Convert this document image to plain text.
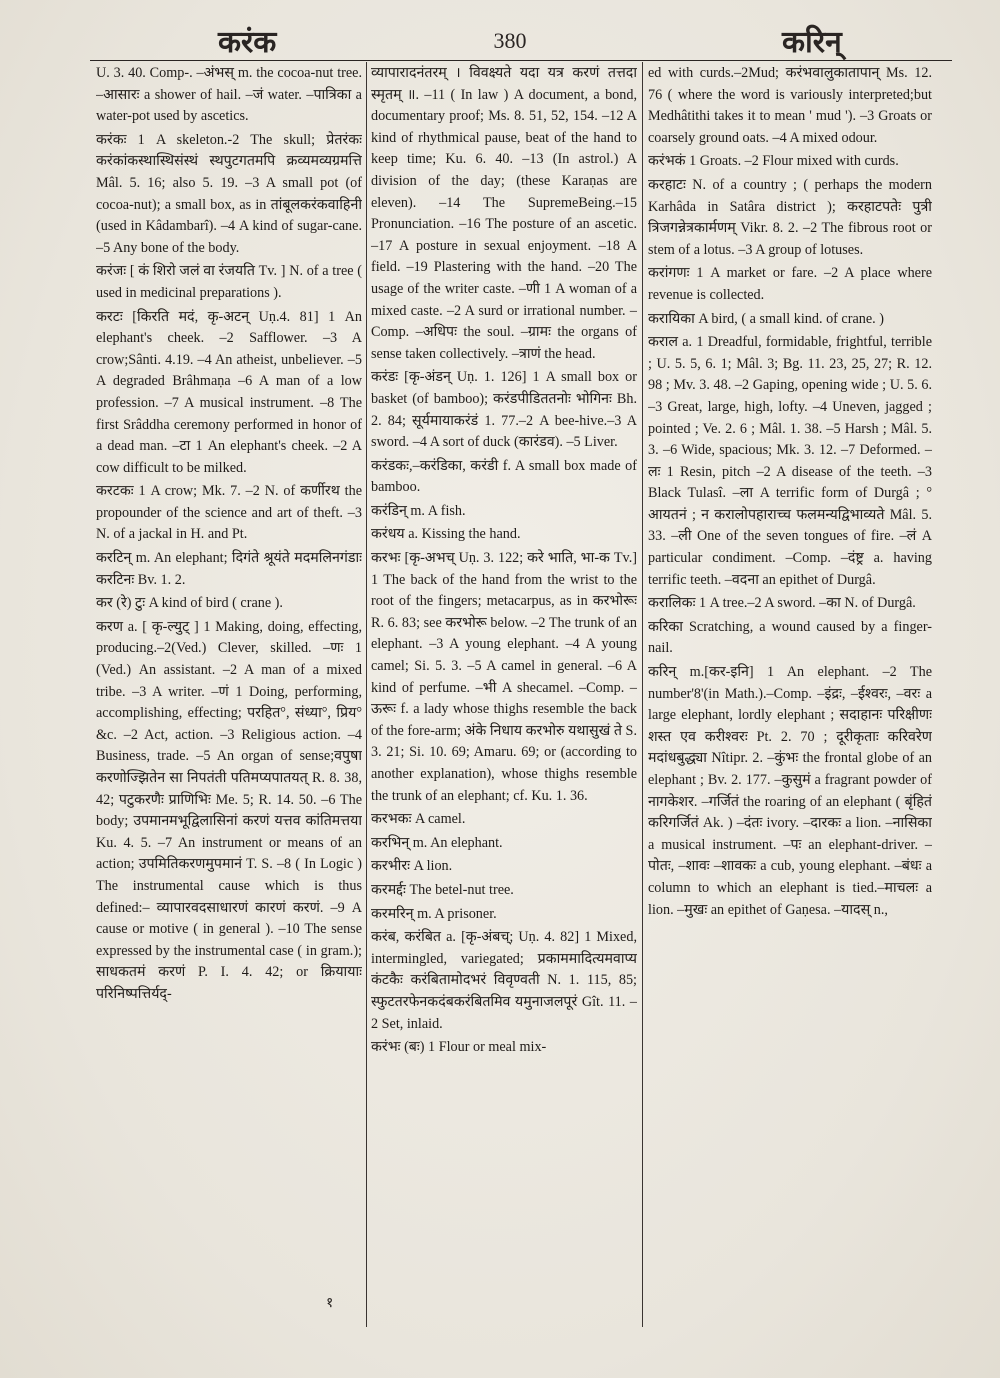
करंक	380	करिन्

U. 3. 40. Comp-. –अंभस् m. the cocoa-nut tree. –आसारः a shower of hail. –जं water. –पात्रिका a water-pot used by ascetics.

करंकः 1 A skeleton.-2 The skull; प्रेतरंकः करंकांकस्थास्थिसंस्थं स्थपुटगतमपि क्रव्यमव्यग्रमत्ति Mâl. 5. 16; also 5. 19. –3 A small pot (of cocoa-nut); a small box, as in तांबूलकरंकवाहिनी (used in Kâdambarî). –4 A kind of sugar-cane. –5 Any bone of the body.

करंजः [ कं शिरो जलं वा रंजयति Tv. ] N. of a tree ( used in medicinal preparations ).

करटः [किरति मदं, कृ-अटन् Uṇ.4. 81] 1 An elephant's cheek. –2 Safflower. –3 A crow;Sânti. 4.19. –4 An atheist, unbeliever. –5 A degraded Brâhmaṇa –6 A man of a low profession. –7 A musical instrument. –8 The first Srâddha ceremony performed in honor of a dead man. –टा 1 An elephant's cheek. –2 A cow difficult to be milked.

करटकः 1 A crow; Mk. 7. –2 N. of कर्णीरथ the propounder of the science and art of theft. –3 N. of a jackal in H. and Pt.

करटिन् m. An elephant; दिगंते श्रूयंते मदमलिनगंडाः करटिनः Bv. 1. 2.

कर (रे) टुः A kind of bird ( crane ).

करण a. [ कृ-ल्युट् ] 1 Making, doing, effecting, producing.–2(Ved.) Clever, skilled. –णः 1 (Ved.) An assistant. –2 A man of a mixed tribe. –3 A writer. –णं 1 Doing, performing, accomplishing, effecting; परहित°, संध्या°, प्रिय° &c. –2 Act, action. –3 Religious action. –4 Business, trade. –5 An organ of sense;वपुषा करणोज्झितेन सा निपतंती पतिमप्यपातयत् R. 8. 38, 42; पटुकरणैः प्राणिभिः Me. 5; R. 14. 50. –6 The body; उपमानमभूद्विलासिनां करणं यत्तव कांतिमत्तया Ku. 4. 5. –7 An instrument or means of an action; उपमितिकरणमुपमानं T. S. –8 ( In Logic ) The instrumental cause which is thus defined:– व्यापारवदसाधारणं कारणं करणं. –9 A cause or motive ( in general ). –10 The sense expressed by the instrumental case ( in gram.); साधकतमं करणं P. I. 4. 42; or क्रियायाः परिनिष्पत्तिर्यद्-

व्यापारादनंतरम् । विवक्ष्यते यदा यत्र करणं तत्तदा स्मृतम् ॥. –11 ( In law ) A document, a bond, documentary proof; Ms. 8. 51, 52, 154. –12 A kind of rhythmical pause, beat of the hand to keep time; Ku. 6. 40. –13 (In astrol.) A division of the day; (these Karaṇas are eleven). –14 The SupremeBeing.–15 Pronunciation. –16 The posture of an ascetic. –17 A posture in sexual enjoyment. –18 A field. –19 Plastering with the hand. –20 The usage of the writer caste. –णी 1 A woman of a mixed caste. –2 A surd or irrational number. –Comp. –अधिपः the soul. –ग्रामः the organs of sense taken collectively. –त्राणं the head.

करंडः [कृ-अंडन् Uṇ. 1. 126] 1 A small box or basket (of bamboo); करंडपीडिततनोः भोगिनः Bh. 2. 84; सूर्यमायाकरंडं 1. 77.–2 A bee-hive.–3 A sword. –4 A sort of duck (कारंडव). –5 Liver.

करंडकः,–करंडिका, करंडी f. A small box made of bamboo.

करंडिन् m. A fish.

करंधय a. Kissing the hand.

करभः [कृ-अभच् Uṇ. 3. 122; करे भाति, भा-क Tv.] 1 The back of the hand from the wrist to the root of the fingers; metacarpus, as in करभोरूः R. 6. 83; see करभोरू below. –2 The trunk of an elephant. –3 A young elephant. –4 A young camel; Si. 5. 3. –5 A camel in general. –6 A kind of perfume. –भी A shecamel. –Comp. –ऊरूः f. a lady whose thighs resemble the back of the fore-arm; अंके निधाय करभोरु यथासुखं ते S. 3. 21; Si. 10. 69; Amaru. 69; or (according to another explanation), whose thighs resemble the trunk of an elephant; cf. Ku. 1. 36.

करभकः A camel.

करभिन् m. An elephant.

करभीरः A lion.

करमर्द्दः The betel-nut tree.

करमरिन् m. A prisoner.

करंब, करंबित a. [कृ-अंबच्; Uṇ. 4. 82] 1 Mixed, intermingled, variegated; प्रकाममादित्यमवाप्य कंटकैः करंबितामोदभरं विवृण्वती N. 1. 115, 85; स्फुटतरफेनकदंबकरंबितमिव यमुनाजलपूरं Gît. 11. –2 Set, inlaid.

करंभः (बः) 1 Flour or meal mix-

ed with curds.–2Mud; करंभवालुकातापान् Ms. 12. 76 ( where the word is variously interpreted;but Medhâtithi takes it to mean ' mud '). –3 Groats or coarsely ground oats. –4 A mixed odour.

करंभकं 1 Groats. –2 Flour mixed with curds.

करहाटः N. of a country ; ( perhaps the modern Karhâda in Satâra district ); करहाटपतेः पुत्री त्रिजगन्नेत्रकार्मणम् Vikr. 8. 2. –2 The fibrous root or stem of a lotus. –3 A group of lotuses.

करांगणः 1 A market or fare. –2 A place where revenue is collected.

करायिका A bird, ( a small kind. of crane. )

कराल a. 1 Dreadful, formidable, frightful, terrible ; U. 5. 5, 6. 1; Mâl. 3; Bg. 11. 23, 25, 27; R. 12. 98 ; Mv. 3. 48. –2 Gaping, opening wide ; U. 5. 6. –3 Great, large, high, lofty. –4 Uneven, jagged ; pointed ; Ve. 2. 6 ; Mâl. 1. 38. –5 Harsh ; Mâl. 5. 3. –6 Wide, spacious; Mk. 3. 12. –7 Deformed. –लः 1 Resin, pitch –2 A disease of the teeth. –3 Black Tulasî. –ला A terrific form of Durgâ ; ° आयतनं ; न करालोपहाराच्च फलमन्यद्विभाव्यते Mâl. 5. 33. –ली One of the seven tongues of fire. –लं A particular condiment. –Comp. –दंष्ट्र a. having terrific teeth. –वदना an epithet of Durgâ.

करालिकः 1 A tree.–2 A sword. –का N. of Durgâ.

करिका Scratching, a wound caused by a finger-nail.

करिन् m.[कर-इनि] 1 An elephant. –2 The number'8'(in Math.).–Comp. –इंद्रः, –ईश्वरः, –वरः a large elephant, lordly elephant ; सदाहानः परिक्षीणः शस्त एव करीश्वरः Pt. 2. 70 ; दूरीकृताः करिवरेण मदांधबुद्ध्या Nîtipr. 2. –कुंभः the frontal globe of an elephant ; Bv. 2. 177. –कुसुमं a fragrant powder of नागकेशर. –गर्जितं the roaring of an elephant ( बृंहितं करिगर्जितं Ak. ) –दंतः ivory. –दारकः a lion. –नासिका a musical instrument. –पः an elephant-driver. –पोतः, –शावः –शावकः a cub, young elephant. –बंधः a column to which an elephant is tied.–माचलः a lion. –मुखः an epithet of Gaṇesa. –यादस् n.,

१
